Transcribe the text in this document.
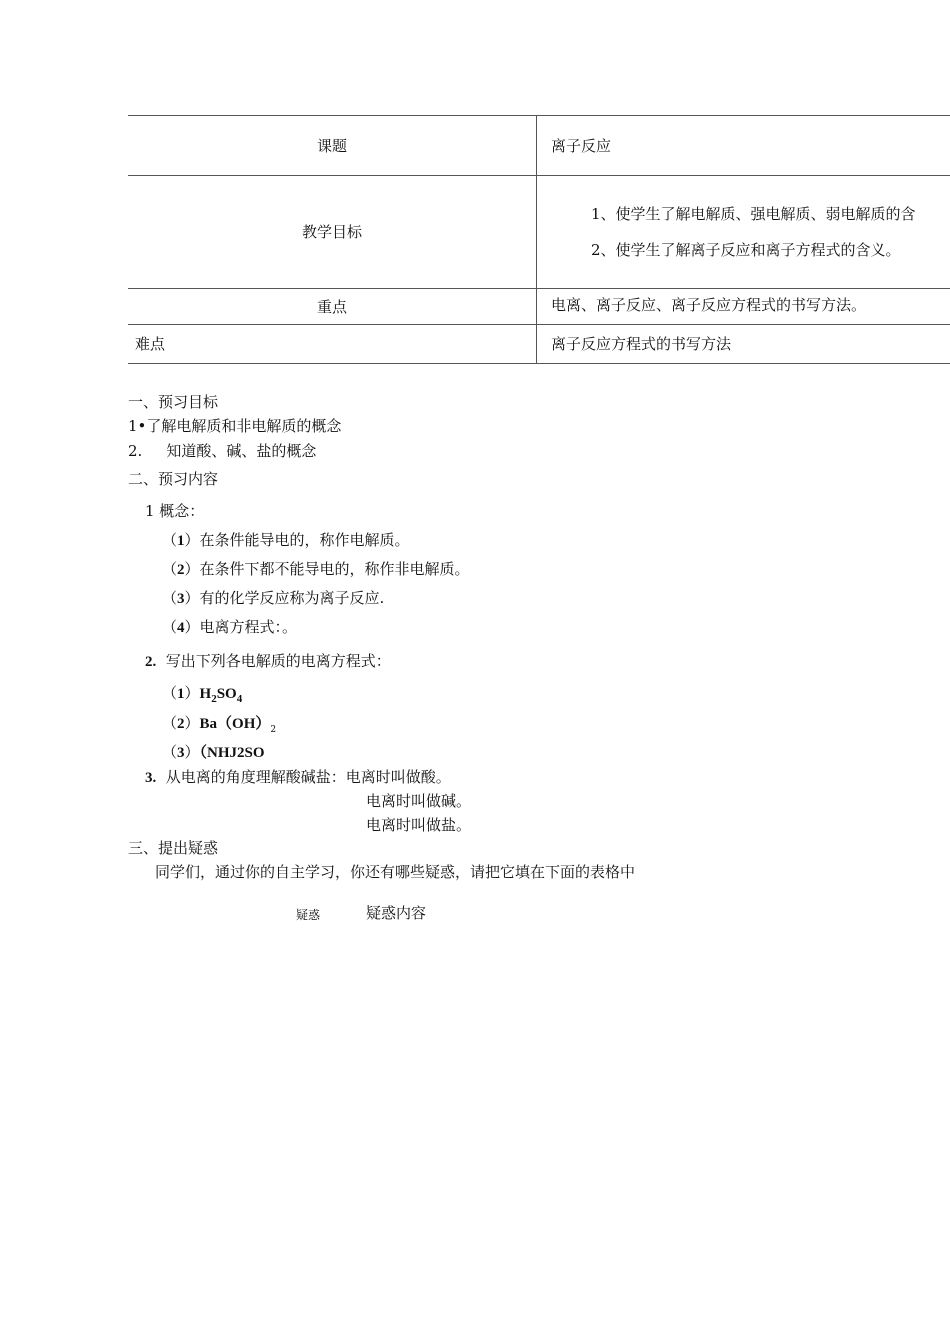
课题	离子反应
教学目标	1、使学生了解电解质、强电解质、弱电解质的含
2、使学生了解离子反应和离子方程式的含义。

重点	电离、离子反应、离子反应方程式的书写方法。
难点	离子反应方程式的书写方法
一、预习目标
1•了解电解质和非电解质的概念
2. 知道酸、碱、盐的概念
二、预习内容
1 概念：
（1）在条件能导电的，称作电解质。
（2）在条件下都不能导电的，称作非电解质。
（3）有的化学反应称为离子反应.
（4）电离方程式：。
2. 写出下列各电解质的电离方程式：
$(1)H_2SO_4$
$(2)Ba(OH)_2$
（3）（NHJ2SO
3. 从电离的角度理解酸碱盐：电离时叫做酸。
电离时叫做碱。
电离时叫做盐。
三、提出疑惑
同学们，通过你的自主学习，你还有哪些疑惑，请把它填在下面的表格中
疑惑	疑惑内容
